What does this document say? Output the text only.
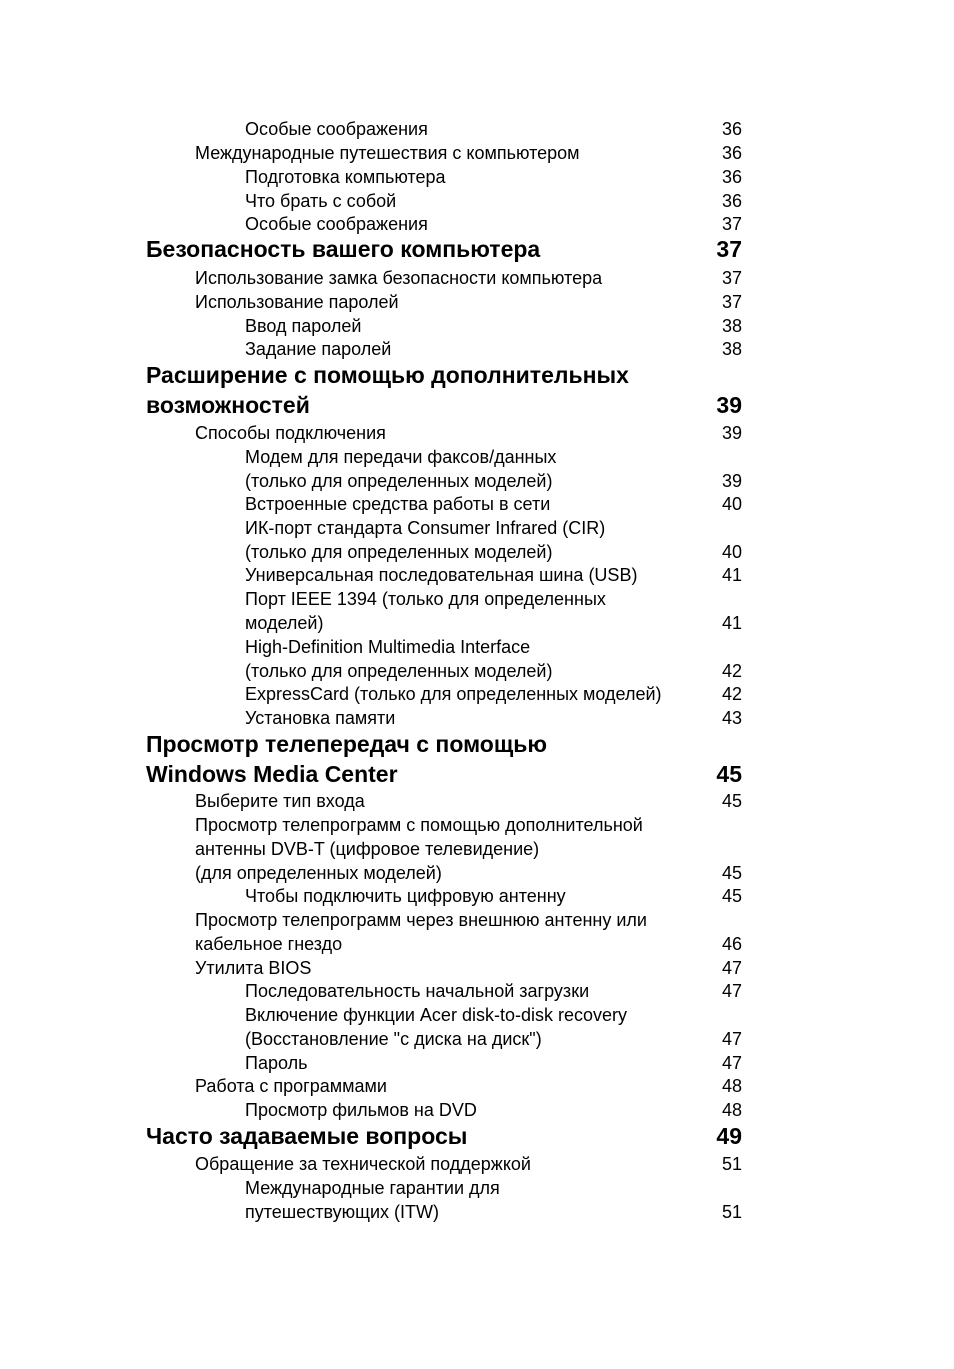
Особые соображения	36
Международные путешествия с компьютером	36
Подготовка компьютера	36
Что брать с собой	36
Особые соображения	37
Безопасность вашего компьютера	37
Использование замка безопасности компьютера	37
Использование паролей	37
Ввод паролей	38
Задание паролей	38
Расширение с помощью дополнительных
возможностей	39
Способы подключения	39
Модем для передачи факсов/данных
(только для определенных моделей)	39
Встроенные средства работы в сети	40
ИК-порт стандарта Consumer Infrared (CIR)
(только для определенных моделей)	40
Универсальная последовательная шина (USB)	41
Порт IEEE 1394 (только для определенных
моделей)	41
High-Definition Multimedia Interface
(только для определенных моделей)	42
ExpressCard (только для определенных моделей)	42
Установка памяти	43
Просмотр телепередач с помощью
Windows Media Center	45
Выберите тип входа	45
Просмотр телепрограмм с помощью дополнительной
антенны DVB-T (цифровое телевидение)
(для определенных моделей)	45
Чтобы подключить цифровую антенну	45
Просмотр телепрограмм через внешнюю антенну или
кабельное гнездо	46
Утилита BIOS	47
Последовательность начальной загрузки	47
Включение функции Acer disk-to-disk recovery
(Восстановление "с диска на диск")	47
Пароль	47
Работа с программами	48
Просмотр фильмов на DVD	48
Часто задаваемые вопросы	49
Обращение за технической поддержкой	51
Международные гарантии для
путешествующих (ITW)	51
